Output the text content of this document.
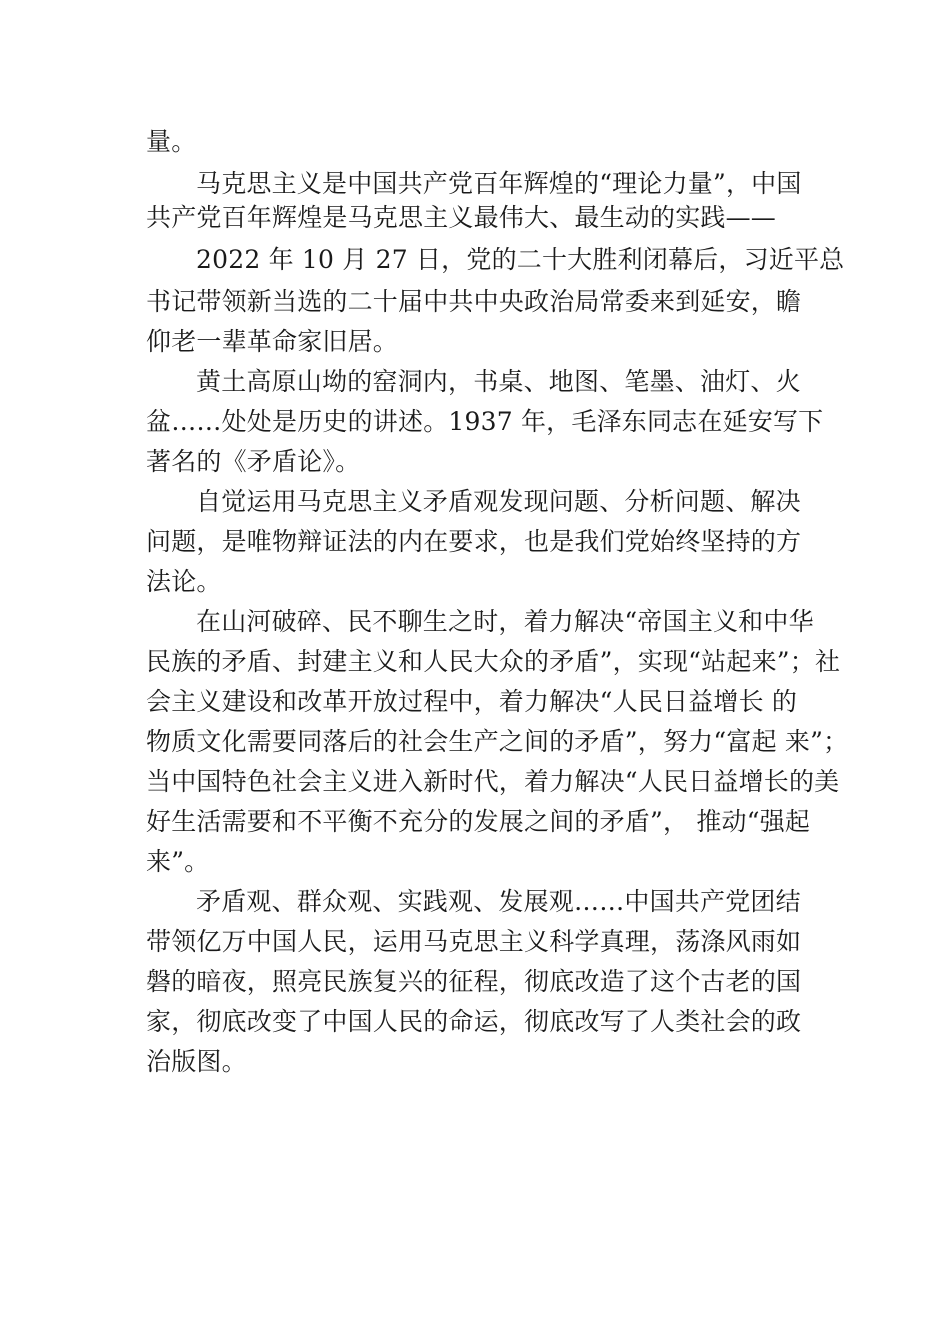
量。
马克思主义是中国共产党百年辉煌的“理论力量”，中国
共产党百年辉煌是马克思主义最伟大、最生动的实践——
2022 年 10 月 27 日，党的二十大胜利闭幕后，习近平总
书记带领新当选的二十届中共中央政治局常委来到延安，瞻
仰老一辈革命家旧居。
黄土高原山坳的窑洞内，书桌、地图、笔墨、油灯、火
盆……处处是历史的讲述。1937 年，毛泽东同志在延安写下
著名的《矛盾论》。
自觉运用马克思主义矛盾观发现问题、分析问题、解决
问题，是唯物辩证法的内在要求，也是我们党始终坚持的方
法论。
在山河破碎、民不聊生之时，着力解决“帝国主义和中华
民族的矛盾、封建主义和人民大众的矛盾”，实现“站起来”；社
会主义建设和改革开放过程中，着力解决“人民日益增长 的
物质文化需要同落后的社会生产之间的矛盾”，努力“富起 来”；
当中国特色社会主义进入新时代，着力解决“人民日益增长的美
好生活需要和不平衡不充分的发展之间的矛盾”， 推动“强起
来”。
矛盾观、群众观、实践观、发展观……中国共产党团结
带领亿万中国人民，运用马克思主义科学真理，荡涤风雨如
磐的暗夜，照亮民族复兴的征程，彻底改造了这个古老的国
家，彻底改变了中国人民的命运，彻底改写了人类社会的政
治版图。
